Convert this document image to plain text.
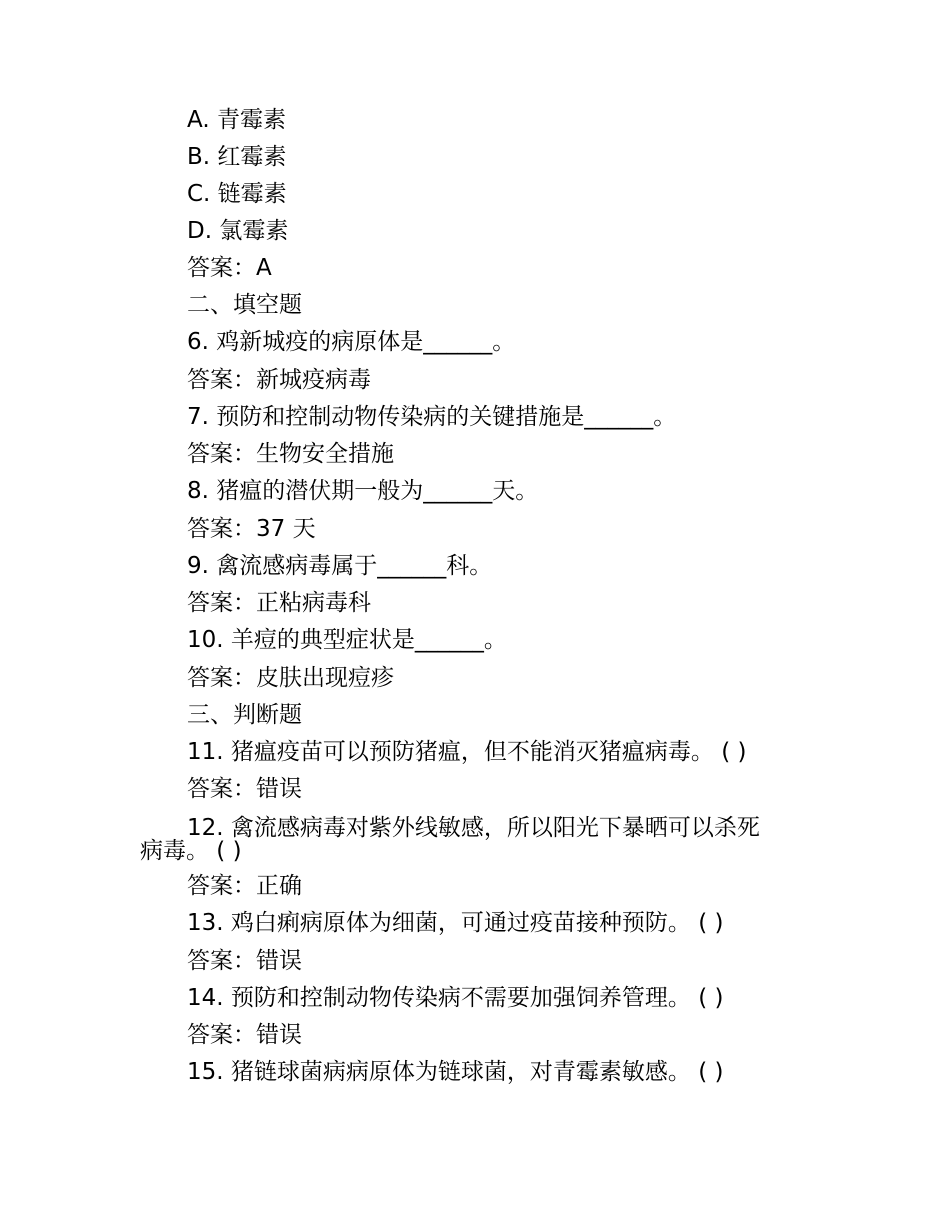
A. 青霉素
B. 红霉素
C. 链霉素
D. 氯霉素
答案：A
二、填空题
6. 鸡新城疫的病原体是______。
答案：新城疫病毒
7. 预防和控制动物传染病的关键措施是______。
答案：生物安全措施
8. 猪瘟的潜伏期一般为______天。
答案：37 天
9. 禽流感病毒属于______科。
答案：正粘病毒科
10. 羊痘的典型症状是______。
答案：皮肤出现痘疹
三、判断题
11. 猪瘟疫苗可以预防猪瘟，但不能消灭猪瘟病毒。 ( )
答案：错误
12. 禽流感病毒对紫外线敏感，所以阳光下暴晒可以杀死
病毒。 ( )
答案：正确
13. 鸡白痢病原体为细菌，可通过疫苗接种预防。 ( )
答案：错误
14. 预防和控制动物传染病不需要加强饲养管理。 ( )
答案：错误
15. 猪链球菌病病原体为链球菌，对青霉素敏感。 ( )
